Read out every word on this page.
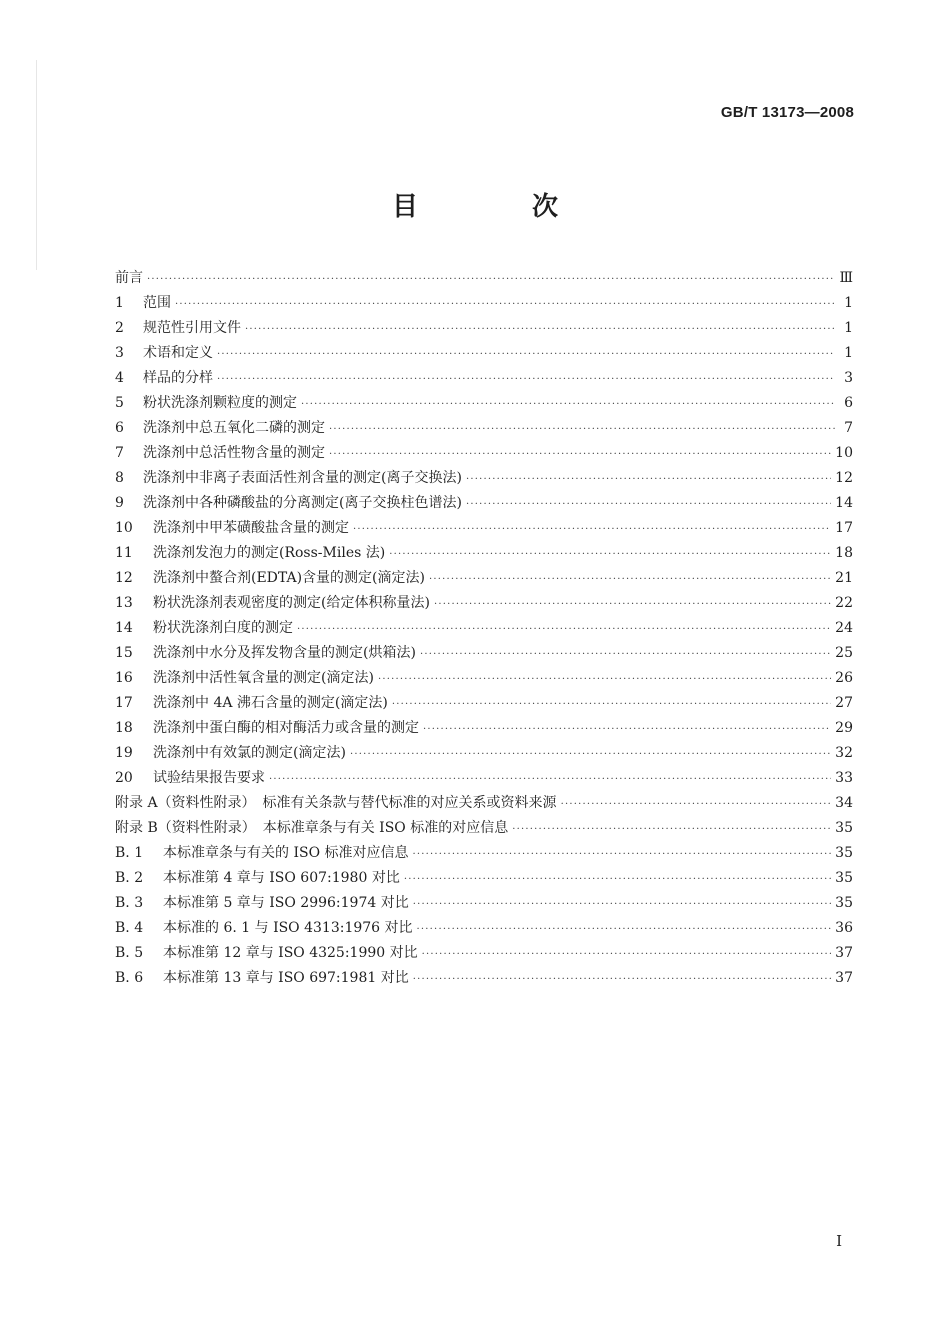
GB/T 13173—2008
目　次
前言 ·····	Ⅲ
1	范围 ·····	1
2	规范性引用文件 ·····	1
3	术语和定义 ·····	1
4	样品的分样 ·····	3
5	粉状洗涤剂颗粒度的测定 ·····	6
6	洗涤剂中总五氧化二磷的测定 ·····	7
7	洗涤剂中总活性物含量的测定 ·····	10
8	洗涤剂中非离子表面活性剂含量的测定(离子交换法) ·····	12
9	洗涤剂中各种磷酸盐的分离测定(离子交换柱色谱法) ·····	14
10	洗涤剂中甲苯磺酸盐含量的测定 ·····	17
11	洗涤剂发泡力的测定(Ross-Miles 法) ·····	18
12	洗涤剂中螯合剂(EDTA)含量的测定(滴定法) ·····	21
13	粉状洗涤剂表观密度的测定(给定体积称量法) ·····	22
14	粉状洗涤剂白度的测定 ·····	24
15	洗涤剂中水分及挥发物含量的测定(烘箱法) ·····	25
16	洗涤剂中活性氧含量的测定(滴定法) ·····	26
17	洗涤剂中 4A 沸石含量的测定(滴定法) ·····	27
18	洗涤剂中蛋白酶的相对酶活力或含量的测定 ·····	29
19	洗涤剂中有效氯的测定(滴定法) ·····	32
20	试验结果报告要求 ·····	33
附录 A（资料性附录）　标准有关条款与替代标准的对应关系或资料来源 ·····	34
附录 B（资料性附录）　本标准章条与有关 ISO 标准的对应信息 ·····	35
B. 1	本标准章条与有关的 ISO 标准对应信息 ·····	35
B. 2	本标准第 4 章与 ISO 607:1980 对比 ·····	35
B. 3	本标准第 5 章与 ISO 2996:1974 对比 ·····	35
B. 4	本标准的 6. 1 与 ISO 4313:1976 对比 ·····	36
B. 5	本标准第 12 章与 ISO 4325:1990 对比 ·····	37
B. 6	本标准第 13 章与 ISO 697:1981 对比 ·····	37
I
